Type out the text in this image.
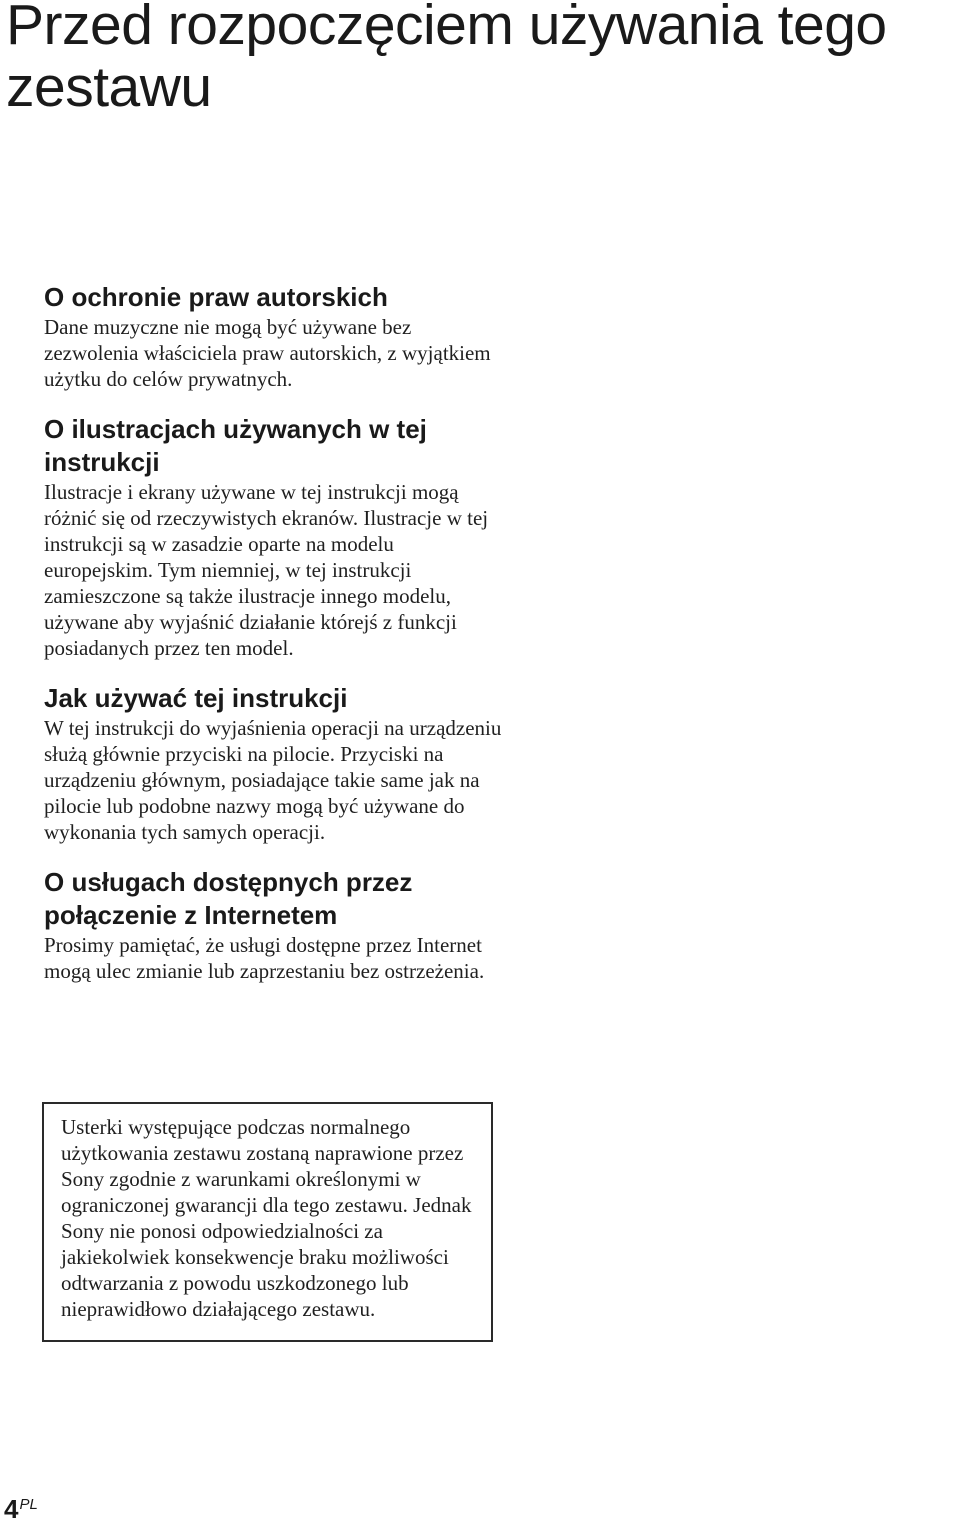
Przed rozpoczęciem używania tego zestawu
O ochronie praw autorskich

Dane muzyczne nie mogą być używane bez zezwolenia właściciela praw autorskich, z wyjątkiem użytku do celów prywatnych.

O ilustracjach używanych w tej instrukcji

Ilustracje i ekrany używane w tej instrukcji mogą różnić się od rzeczywistych ekranów. Ilustracje w tej instrukcji są w zasadzie oparte na modelu europejskim. Tym niemniej, w tej instrukcji zamieszczone są także ilustracje innego modelu, używane aby wyjaśnić działanie którejś z funkcji posiadanych przez ten model.

Jak używać tej instrukcji

W tej instrukcji do wyjaśnienia operacji na urządzeniu służą głównie przyciski na pilocie. Przyciski na urządzeniu głównym, posiadające takie same jak na pilocie lub podobne nazwy mogą być używane do wykonania tych samych operacji.

O usługach dostępnych przez połączenie z Internetem

Prosimy pamiętać, że usługi dostępne przez Internet mogą ulec zmianie lub zaprzestaniu bez ostrzeżenia.

Usterki występujące podczas normalnego użytkowania zestawu zostaną naprawione przez Sony zgodnie z warunkami określonymi w ograniczonej gwarancji dla tego zestawu. Jednak Sony nie ponosi odpowiedzialności za jakiekolwiek konsekwencje braku możliwości odtwarzania z powodu uszkodzonego lub nieprawidłowo działającego zestawu.
4PL
